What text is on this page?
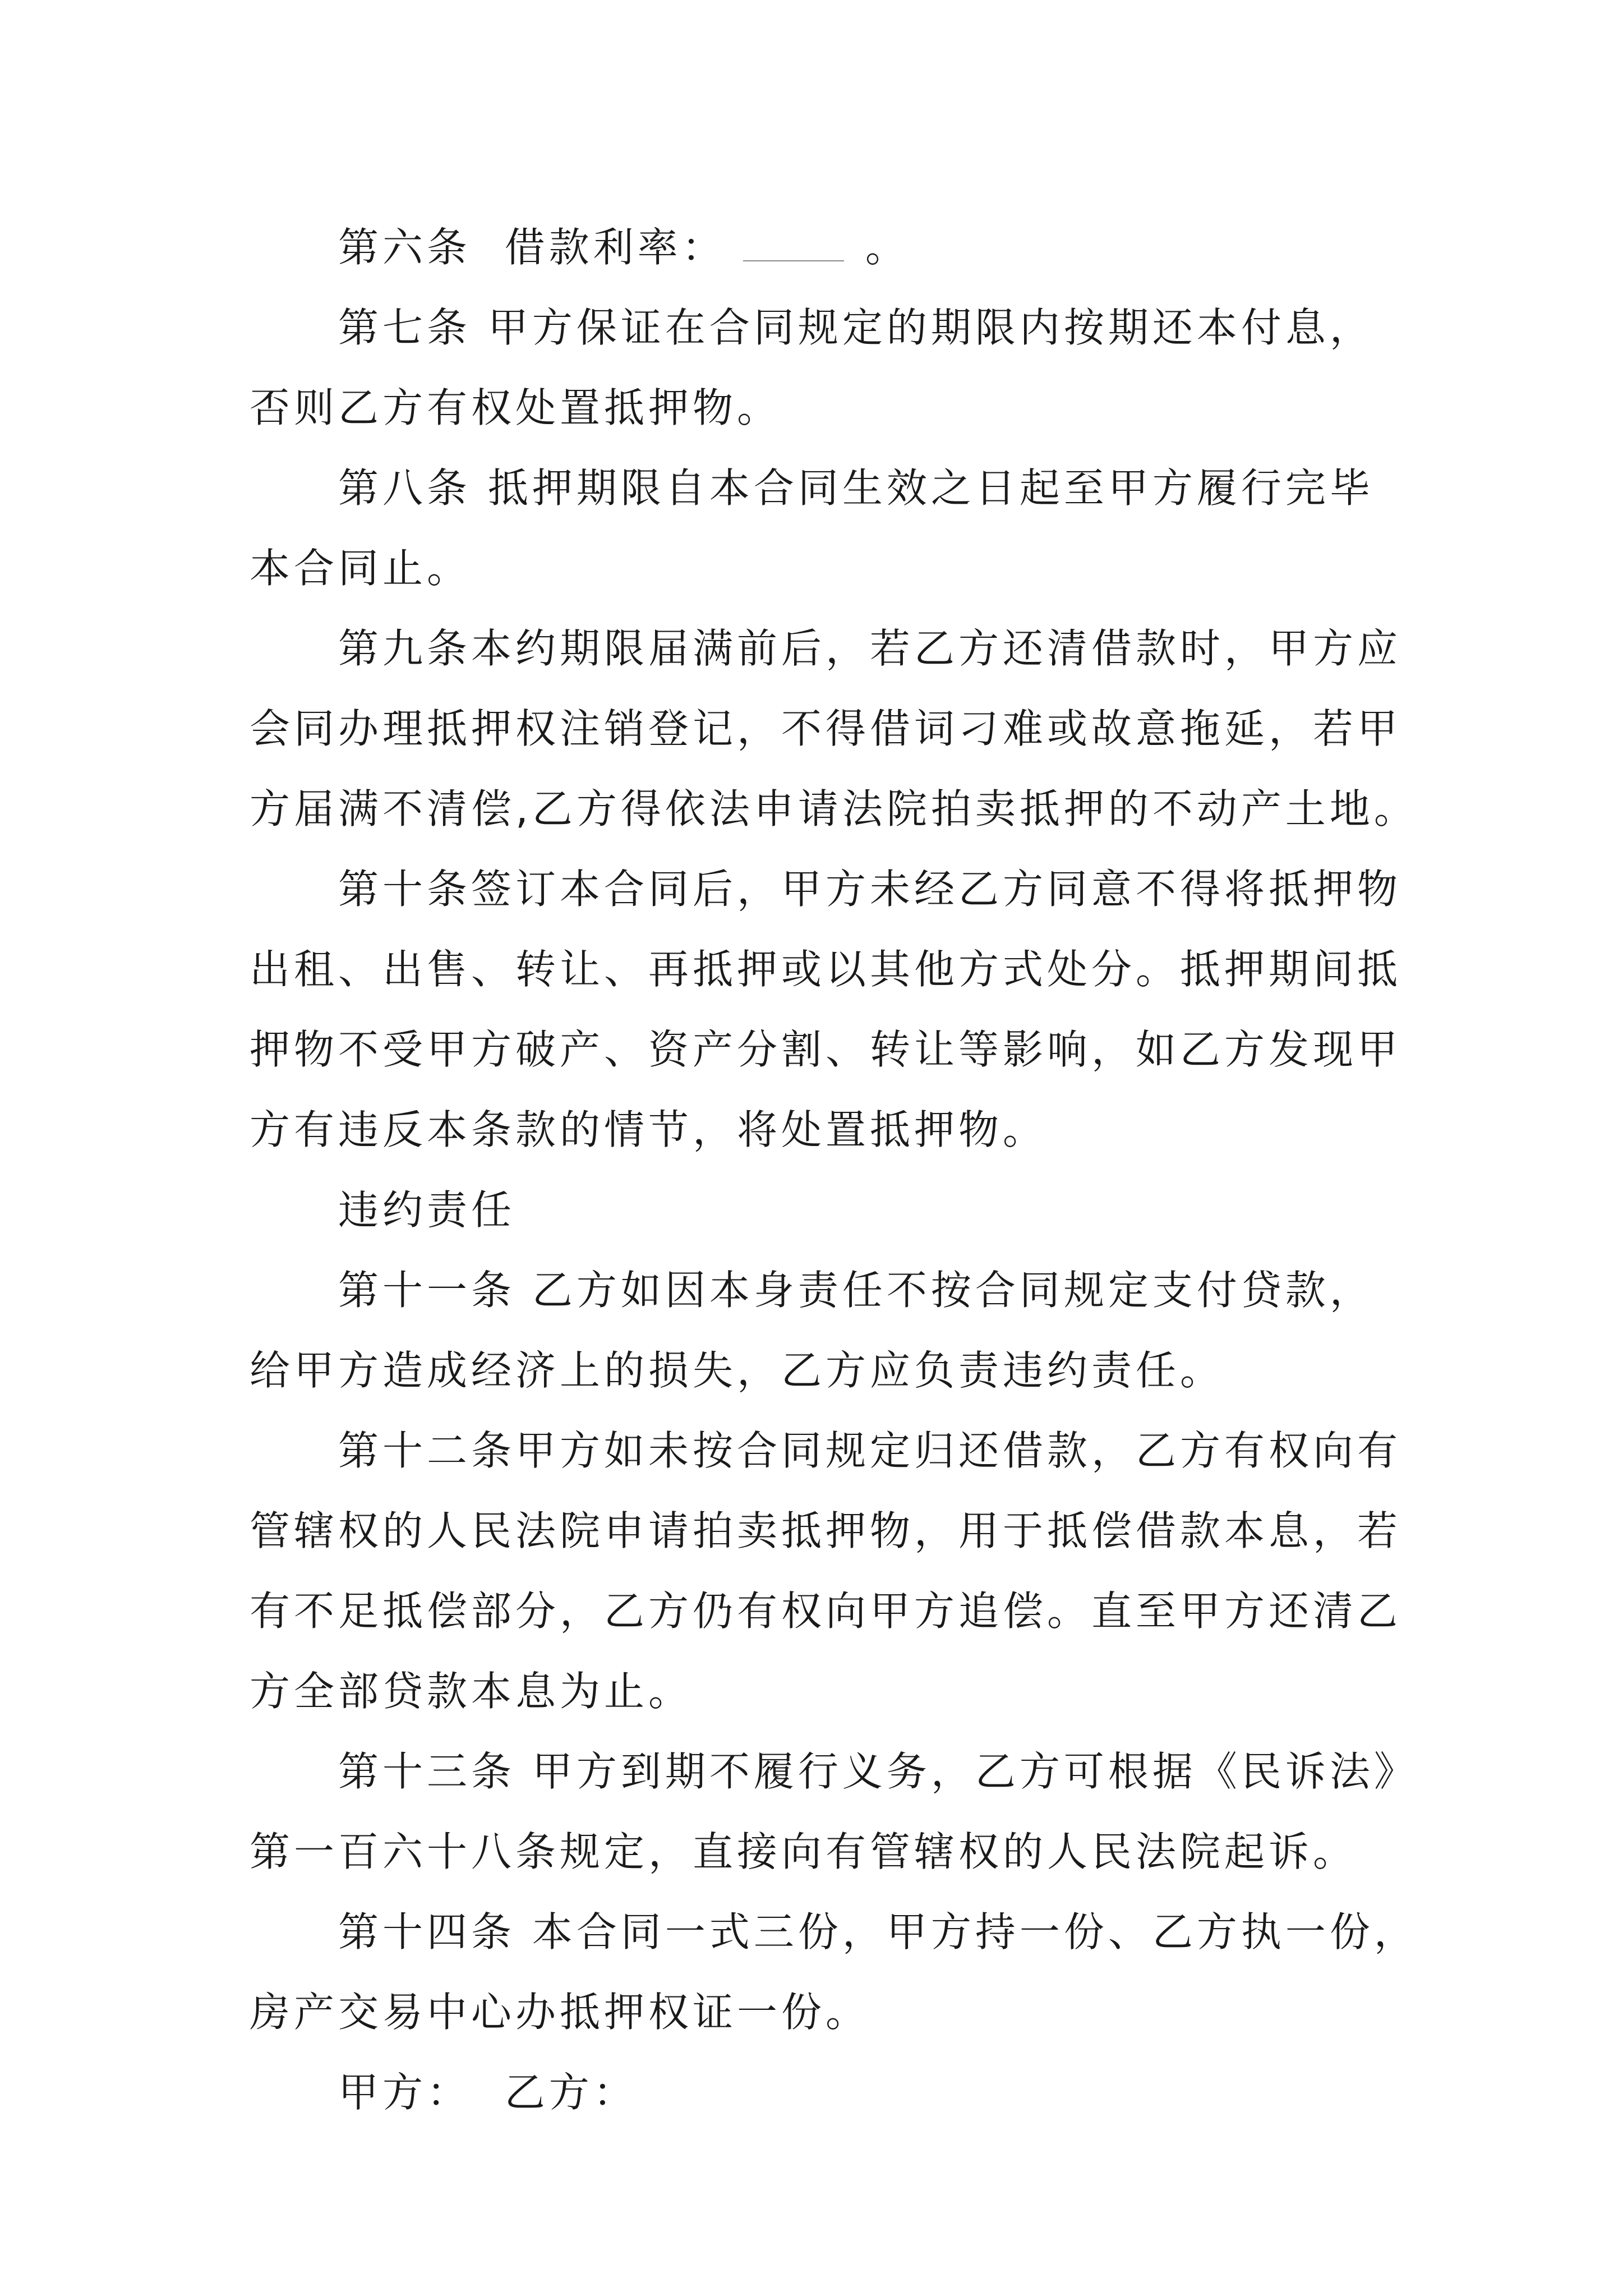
第六条 借款利率：	。
第七条 甲方保证在合同规定的期限内按期还本付息，
否则乙方有权处置抵押物。
第八条 抵押期限自本合同生效之日起至甲方履行完毕
本合同止。
第九条本约期限届满前后，若乙方还清借款时，甲方应
会同办理抵押权注销登记，不得借词刁难或故意拖延，若甲
方届满不清偿,乙方得依法申请法院拍卖抵押的不动产土地。
第十条签订本合同后，甲方未经乙方同意不得将抵押物
出租、出售、转让、再抵押或以其他方式处分。抵押期间抵
押物不受甲方破产、资产分割、转让等影响，如乙方发现甲
方有违反本条款的情节，将处置抵押物。
违约责任
第十一条 乙方如因本身责任不按合同规定支付贷款，
给甲方造成经济上的损失，乙方应负责违约责任。
第十二条甲方如未按合同规定归还借款，乙方有权向有
管辖权的人民法院申请拍卖抵押物，用于抵偿借款本息，若
有不足抵偿部分，乙方仍有权向甲方追偿。直至甲方还清乙
方全部贷款本息为止。
第十三条 甲方到期不履行义务，乙方可根据《民诉法》
第一百六十八条规定，直接向有管辖权的人民法院起诉。
第十四条 本合同一式三份，甲方持一份、乙方执一份，
房产交易中心办抵押权证一份。
甲方： 乙方：
